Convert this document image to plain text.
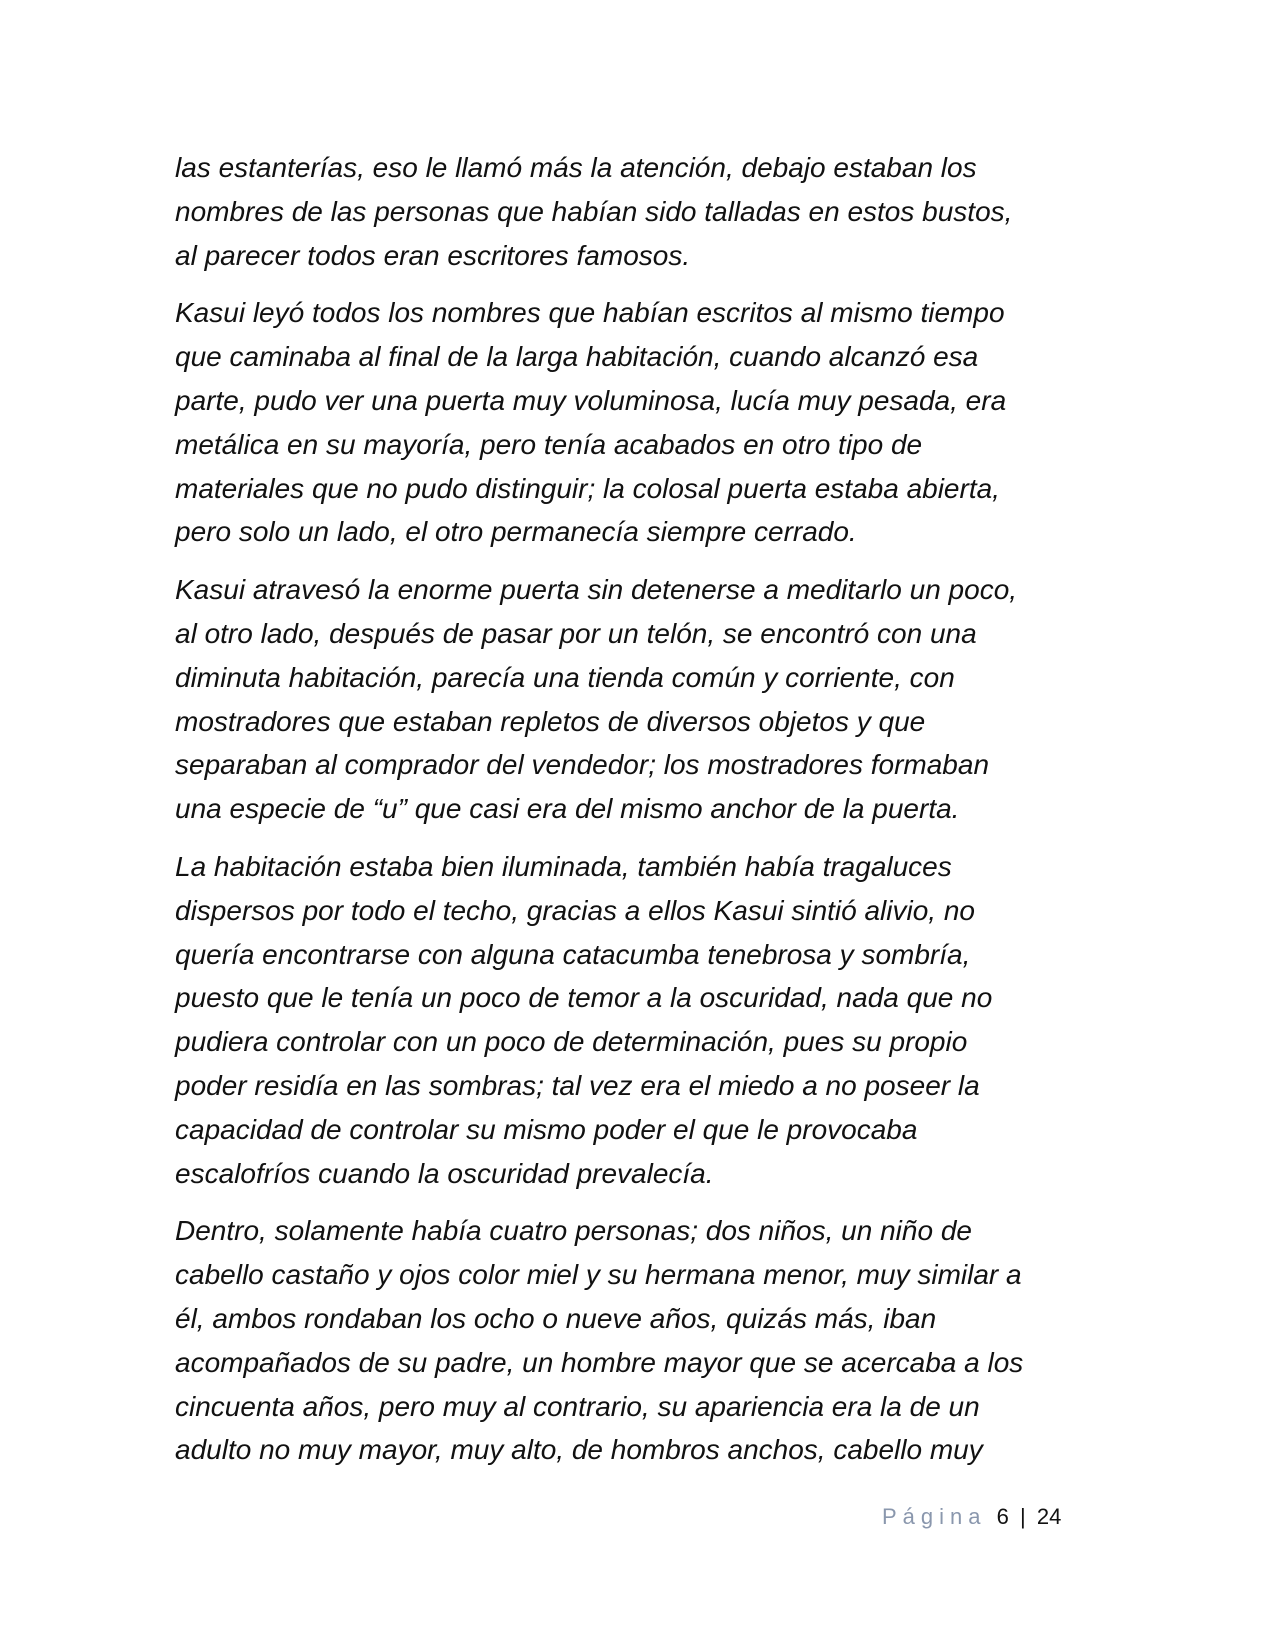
las estanterías, eso le llamó más la atención, debajo estaban los
nombres de las personas que habían sido talladas en estos bustos,
al parecer todos eran escritores famosos.

Kasui leyó todos los nombres que habían escritos al mismo tiempo
que caminaba al final de la larga habitación, cuando alcanzó esa
parte, pudo ver una puerta muy voluminosa, lucía muy pesada, era
metálica en su mayoría, pero tenía acabados en otro tipo de
materiales que no pudo distinguir; la colosal puerta estaba abierta,
pero solo un lado, el otro permanecía siempre cerrado.

Kasui atravesó la enorme puerta sin detenerse a meditarlo un poco,
al otro lado, después de pasar por un telón, se encontró con una
diminuta habitación, parecía una tienda común y corriente, con
mostradores que estaban repletos de diversos objetos y que
separaban al comprador del vendedor; los mostradores formaban
una especie de “u” que casi era del mismo anchor de la puerta.

La habitación estaba bien iluminada, también había tragaluces
dispersos por todo el techo, gracias a ellos Kasui sintió alivio, no
quería encontrarse con alguna catacumba tenebrosa y sombría,
puesto que le tenía un poco de temor a la oscuridad, nada que no
pudiera controlar con un poco de determinación, pues su propio
poder residía en las sombras; tal vez era el miedo a no poseer la
capacidad de controlar su mismo poder el que le provocaba
escalofríos cuando la oscuridad prevalecía.

Dentro, solamente había cuatro personas; dos niños, un niño de
cabello castaño y ojos color miel y su hermana menor, muy similar a
él, ambos rondaban los ocho o nueve años, quizás más, iban
acompañados de su padre, un hombre mayor que se acercaba a los
cincuenta años, pero muy al contrario, su apariencia era la de un
adulto no muy mayor, muy alto, de hombros anchos, cabello muy

Página 6 | 24
